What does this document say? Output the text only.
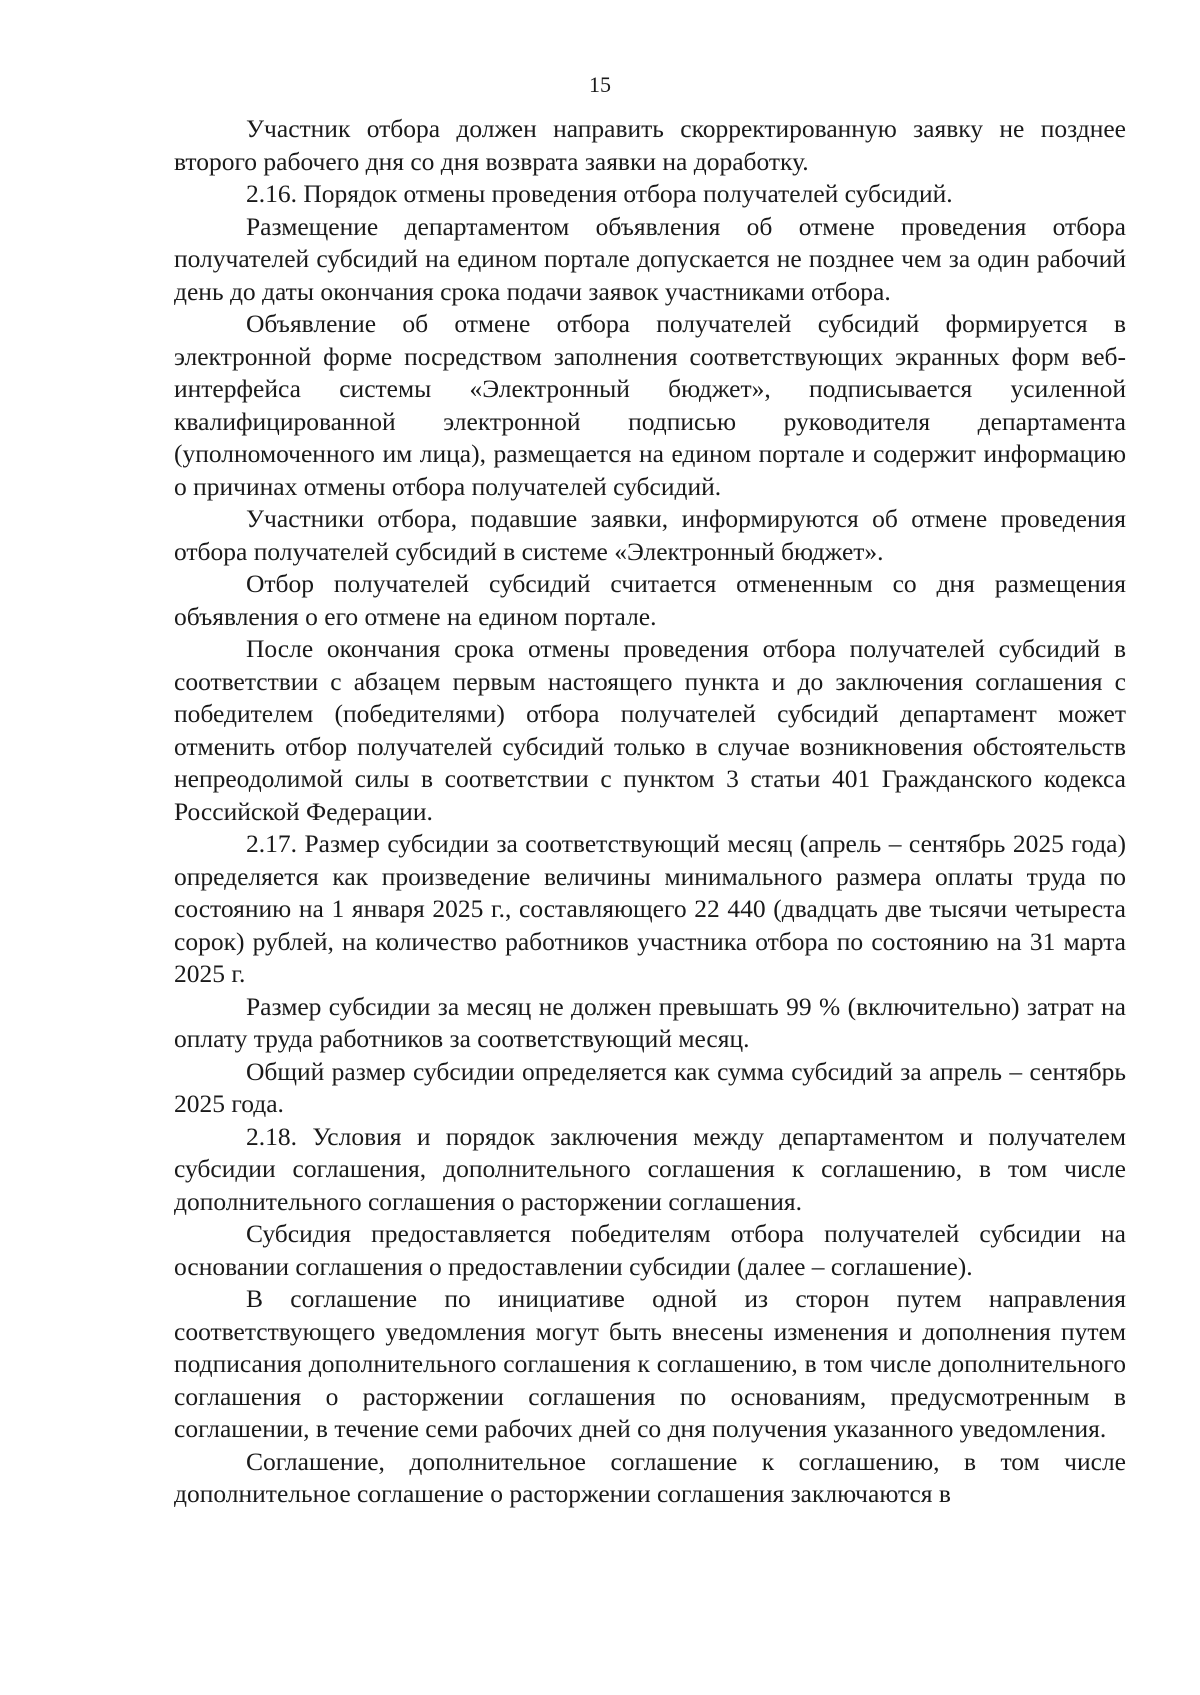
15

Участник отбора должен направить скорректированную заявку не позднее второго рабочего дня со дня возврата заявки на доработку.

2.16. Порядок отмены проведения отбора получателей субсидий.

Размещение департаментом объявления об отмене проведения отбора получателей субсидий на едином портале допускается не позднее чем за один рабочий день до даты окончания срока подачи заявок участниками отбора.

Объявление об отмене отбора получателей субсидий формируется в электронной форме посредством заполнения соответствующих экранных форм веб-интерфейса системы «Электронный бюджет», подписывается усиленной квалифицированной электронной подписью руководителя департамента (уполномоченного им лица), размещается на едином портале и содержит информацию о причинах отмены отбора получателей субсидий.

Участники отбора, подавшие заявки, информируются об отмене проведения отбора получателей субсидий в системе «Электронный бюджет».

Отбор получателей субсидий считается отмененным со дня размещения объявления о его отмене на едином портале.

После окончания срока отмены проведения отбора получателей субсидий в соответствии с абзацем первым настоящего пункта и до заключения соглашения с победителем (победителями) отбора получателей субсидий департамент может отменить отбор получателей субсидий только в случае возникновения обстоятельств непреодолимой силы в соответствии с пунктом 3 статьи 401 Гражданского кодекса Российской Федерации.

2.17. Размер субсидии за соответствующий месяц (апрель – сентябрь 2025 года) определяется как произведение величины минимального размера оплаты труда по состоянию на 1 января 2025 г., составляющего 22 440 (двадцать две тысячи четыреста сорок) рублей, на количество работников участника отбора по состоянию на 31 марта 2025 г.

Размер субсидии за месяц не должен превышать 99 % (включительно) затрат на оплату труда работников за соответствующий месяц.

Общий размер субсидии определяется как сумма субсидий за апрель – сентябрь 2025 года.

2.18. Условия и порядок заключения между департаментом и получателем субсидии соглашения, дополнительного соглашения к соглашению, в том числе дополнительного соглашения о расторжении соглашения.

Субсидия предоставляется победителям отбора получателей субсидии на основании соглашения о предоставлении субсидии (далее – соглашение).

В соглашение по инициативе одной из сторон путем направления соответствующего уведомления могут быть внесены изменения и дополнения путем подписания дополнительного соглашения к соглашению, в том числе дополнительного соглашения о расторжении соглашения по основаниям, предусмотренным в соглашении, в течение семи рабочих дней со дня получения указанного уведомления.

Соглашение, дополнительное соглашение к соглашению, в том числе дополнительное соглашение о расторжении соглашения заключаются в
